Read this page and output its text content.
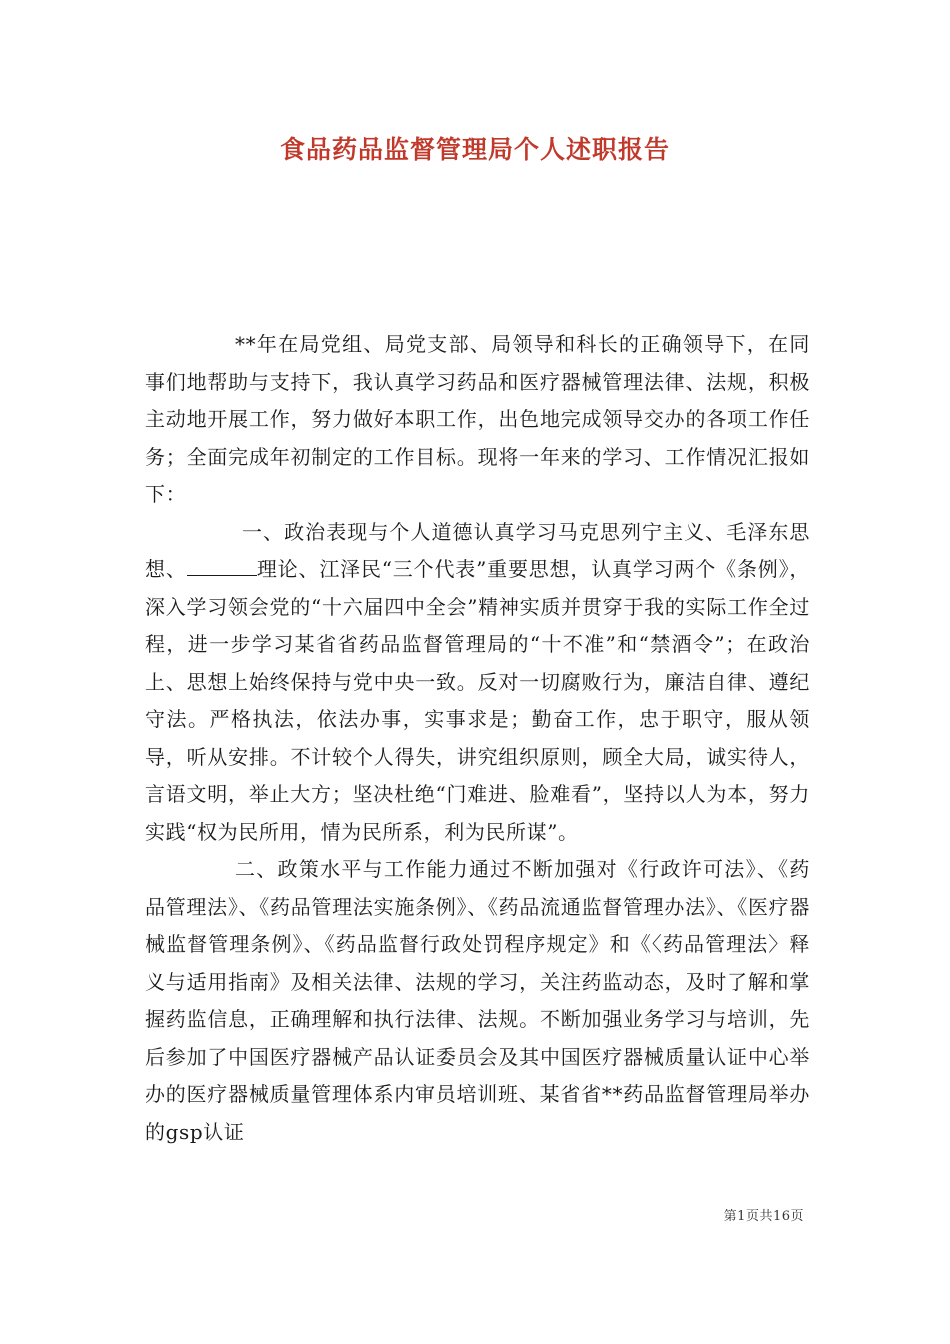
食品药品监督管理局个人述职报告

**年在局党组、局党支部、局领导和科长的正确领导下，在同事们地帮助与支持下，我认真学习药品和医疗器械管理法律、法规，积极主动地开展工作，努力做好本职工作，出色地完成领导交办的各项工作任务；全面完成年初制定的工作目标。现将一年来的学习、工作情况汇报如下：

一、政治表现与个人道德认真学习马克思列宁主义、毛泽东思想、	理论、江泽民“三个代表”重要思想，认真学习两个《条例》，深入学习领会党的“十六届四中全会”精神实质并贯穿于我的实际工作全过程，进一步学习某省省药品监督管理局的“十不准”和“禁酒令”；在政治上、思想上始终保持与党中央一致。反对一切腐败行为，廉洁自律、遵纪守法。严格执法，依法办事，实事求是；勤奋工作，忠于职守，服从领导，听从安排。不计较个人得失，讲究组织原则，顾全大局，诚实待人，言语文明，举止大方；坚决杜绝“门难进、脸难看”，坚持以人为本，努力实践“权为民所用，情为民所系，利为民所谋”。

二、政策水平与工作能力通过不断加强对《行政许可法》、《药品管理法》、《药品管理法实施条例》、《药品流通监督管理办法》、《医疗器械监督管理条例》、《药品监督行政处罚程序规定》和《〈药品管理法〉释义与适用指南》及相关法律、法规的学习，关注药监动态，及时了解和掌握药监信息，正确理解和执行法律、法规。不断加强业务学习与培训，先后参加了中国医疗器械产品认证委员会及其中国医疗器械质量认证中心举办的医疗器械质量管理体系内审员培训班、某省省**药品监督管理局举办的gsp认证

第1页共16页
